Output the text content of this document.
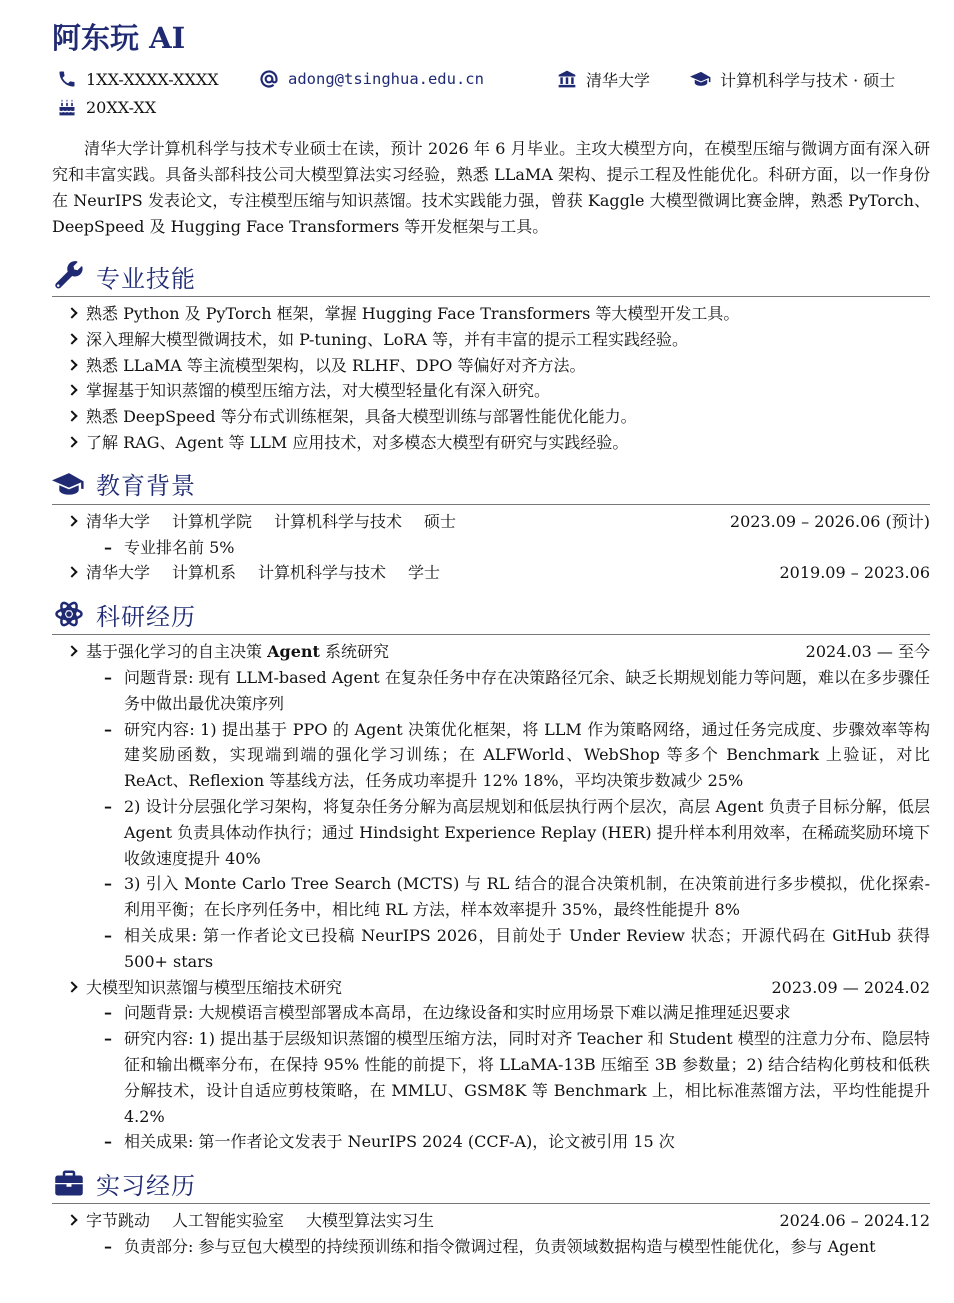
阿东玩 AI
1XX-XXXX-XXXX	adong@tsinghua.edu.cn	清华大学	计算机科学与技术 · 硕士
20XX-XX

清华大学计算机科学与技术专业硕士在读，预计 2026 年 6 月毕业。主攻大模型方向，在模型压缩与微调方面有深入研究和丰富实践。具备头部科技公司大模型算法实习经验，熟悉 LLaMA 架构、提示工程及性能优化。科研方面，以一作身份在 NeurIPS 发表论文，专注模型压缩与知识蒸馏。技术实践能力强，曾获 Kaggle 大模型微调比赛金牌，熟悉 PyTorch、DeepSpeed 及 Hugging Face Transformers 等开发框架与工具。

专业技能
熟悉 Python 及 PyTorch 框架，掌握 Hugging Face Transformers 等大模型开发工具。
深入理解大模型微调技术，如 P-tuning、LoRA 等，并有丰富的提示工程实践经验。
熟悉 LLaMA 等主流模型架构，以及 RLHF、DPO 等偏好对齐方法。
掌握基于知识蒸馏的模型压缩方法，对大模型轻量化有深入研究。
熟悉 DeepSpeed 等分布式训练框架，具备大模型训练与部署性能优化能力。
了解 RAG、Agent 等 LLM 应用技术，对多模态大模型有研究与实践经验。
教育背景
清华大学 计算机学院 计算机科学与技术 硕士	2023.09 – 2026.06 (预计)
– 专业排名前 5%
清华大学 计算机系 计算机科学与技术 学士	2019.09 – 2023.06
科研经历
基于强化学习的自主决策 Agent 系统研究	2024.03 — 至今
– 问题背景: 现有 LLM-based Agent 在复杂任务中存在决策路径冗余、缺乏长期规划能力等问题，难以在多步骤任务中做出最优决策序列
– 研究内容: 1) 提出基于 PPO 的 Agent 决策优化框架，将 LLM 作为策略网络，通过任务完成度、步骤效率等构建奖励函数，实现端到端的强化学习训练；在 ALFWorld、WebShop 等多个 Benchmark 上验证，对比 ReAct、Reflexion 等基线方法，任务成功率提升 12% 18%，平均决策步数减少 25%
– 2) 设计分层强化学习架构，将复杂任务分解为高层规划和低层执行两个层次，高层 Agent 负责子目标分解，低层 Agent 负责具体动作执行；通过 Hindsight Experience Replay (HER) 提升样本利用效率，在稀疏奖励环境下收敛速度提升 40%
– 3) 引入 Monte Carlo Tree Search (MCTS) 与 RL 结合的混合决策机制，在决策前进行多步模拟，优化探索-利用平衡；在长序列任务中，相比纯 RL 方法，样本效率提升 35%，最终性能提升 8%
– 相关成果: 第一作者论文已投稿 NeurIPS 2026，目前处于 Under Review 状态；开源代码在 GitHub 获得 500+ stars
大模型知识蒸馏与模型压缩技术研究	2023.09 — 2024.02
– 问题背景: 大规模语言模型部署成本高昂，在边缘设备和实时应用场景下难以满足推理延迟要求
– 研究内容: 1) 提出基于层级知识蒸馏的模型压缩方法，同时对齐 Teacher 和 Student 模型的注意力分布、隐层特征和输出概率分布，在保持 95% 性能的前提下，将 LLaMA-13B 压缩至 3B 参数量；2) 结合结构化剪枝和低秩分解技术，设计自适应剪枝策略，在 MMLU、GSM8K 等 Benchmark 上，相比标准蒸馏方法，平均性能提升 4.2%
– 相关成果: 第一作者论文发表于 NeurIPS 2024 (CCF-A)，论文被引用 15 次
实习经历
字节跳动 人工智能实验室 大模型算法实习生	2024.06 – 2024.12
– 负责部分: 参与豆包大模型的持续预训练和指令微调过程，负责领域数据构造与模型性能优化，参与 Agent
